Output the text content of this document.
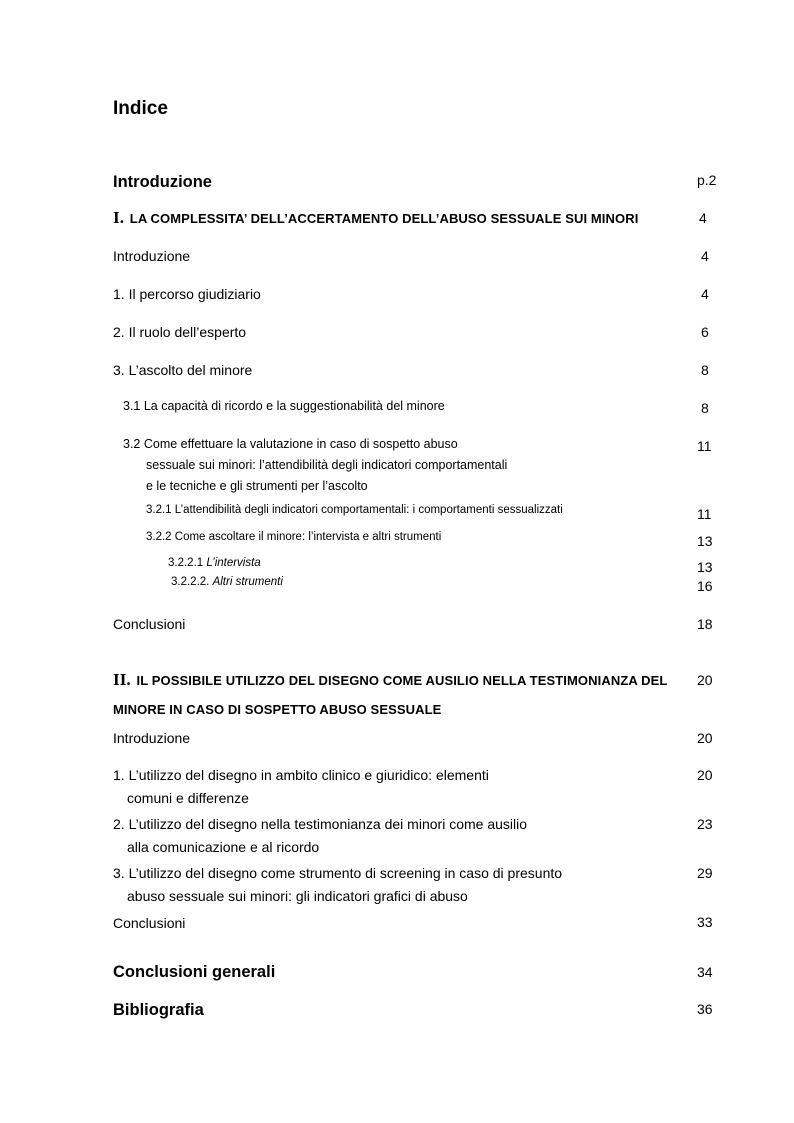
Indice
Introduzione	p.2
I. LA COMPLESSITA’ DELL’ACCERTAMENTO DELL’ABUSO SESSUALE SUI MINORI	4
Introduzione	4
1. Il percorso giudiziario	4
2. Il ruolo dell’esperto	6
3. L’ascolto del minore	8
3.1 La capacità di ricordo e la suggestionabilità del minore	8
3.2 Come effettuare la valutazione in caso di sospetto abuso
sessuale sui minori: l’attendibilità degli indicatori comportamentali
e le tecniche e gli strumenti per l’ascolto
11
3.2.1 L’attendibilità degli indicatori comportamentali: i comportamenti sessualizzati	11
3.2.2 Come ascoltare il minore: l’intervista e altri strumenti	13
3.2.2.1 L’intervista	13
3.2.2.2. Altri strumenti	16
Conclusioni	18
II. IL POSSIBILE UTILIZZO DEL DISEGNO COME AUSILIO NELLA TESTIMONIANZA DEL
MINORE IN CASO DI SOSPETTO ABUSO SESSUALE
20
Introduzione	20
1. L’utilizzo del disegno in ambito clinico e giuridico: elementi
comuni e differenze
20
2. L’utilizzo del disegno nella testimonianza dei minori come ausilio
alla comunicazione e al ricordo
23
3. L’utilizzo del disegno come strumento di screening in caso di presunto
abuso sessuale sui minori: gli indicatori grafici di abuso
29
Conclusioni	33
Conclusioni generali	34
Bibliografia	36
